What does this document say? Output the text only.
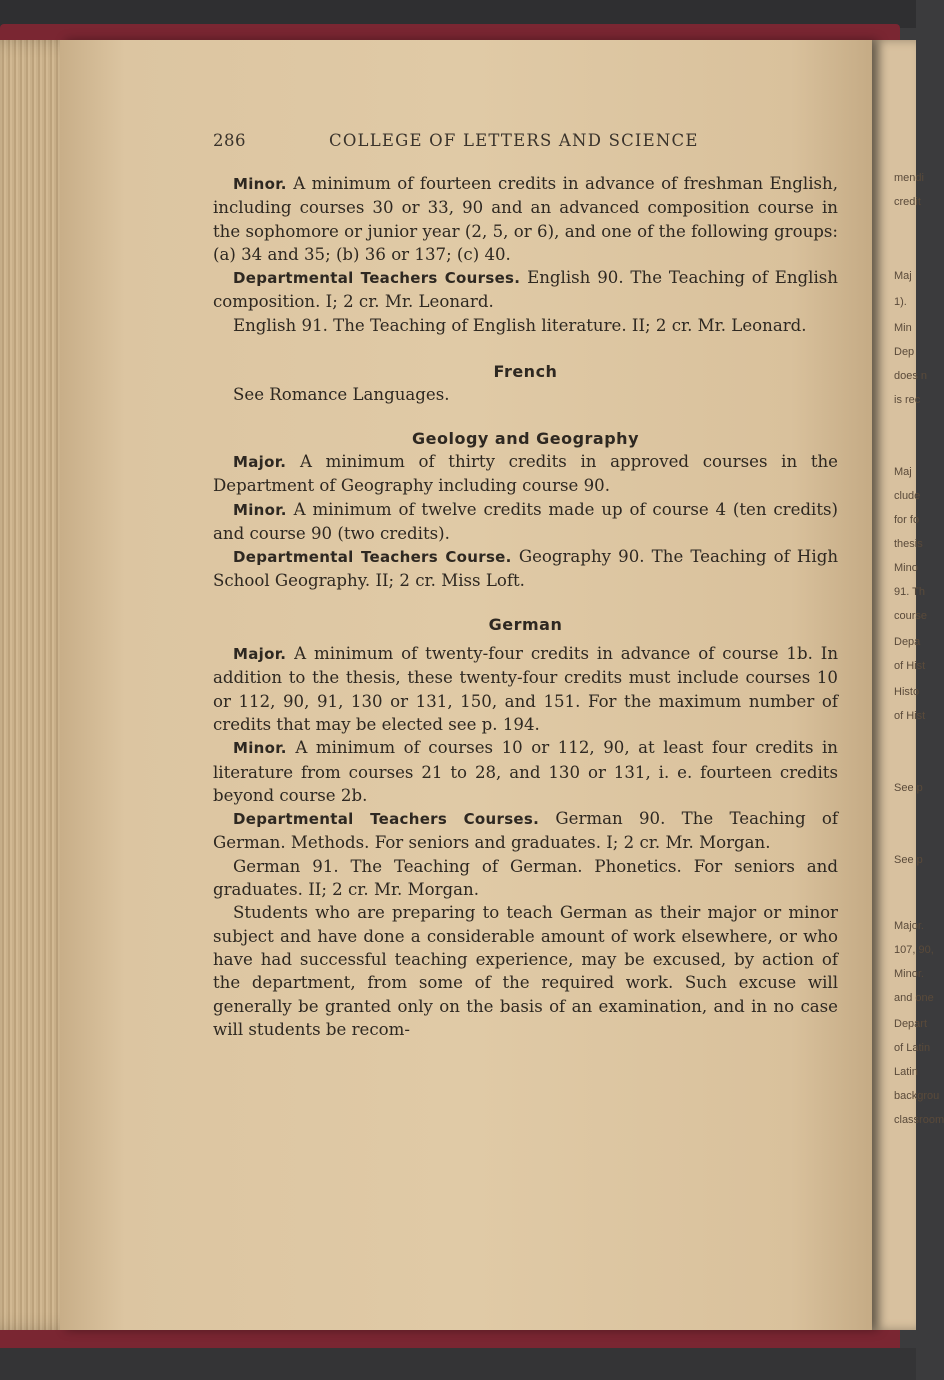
mendi
credit
Maj
1).
Min
Dep
does n
is rec
Maj
clude
for fo
thesis
Mino
91. Th
course
Depa
of Hist
Histo
of Hist
See p
See p
Major.
107, 90,
Minor.
and one
Depart
of Latin
Latin
backgrou
classroom
286	COLLEGE OF LETTERS AND SCIENCE

Minor. A minimum of fourteen credits in advance of freshman English, including courses 30 or 33, 90 and an advanced composition course in the sophomore or junior year (2, 5, or 6), and one of the following groups: (a) 34 and 35; (b) 36 or 137; (c) 40.

Departmental Teachers Courses. English 90. The Teaching of English composition. I; 2 cr. Mr. Leonard.

English 91. The Teaching of English literature. II; 2 cr. Mr. Leonard.

French

See Romance Languages.

Geology and Geography

Major. A minimum of thirty credits in approved courses in the Department of Geography including course 90.

Minor. A minimum of twelve credits made up of course 4 (ten credits) and course 90 (two credits).

Departmental Teachers Course. Geography 90. The Teaching of High School Geography. II; 2 cr. Miss Loft.

German

Major. A minimum of twenty-four credits in advance of course 1b. In addition to the thesis, these twenty-four credits must include courses 10 or 112, 90, 91, 130 or 131, 150, and 151. For the maximum number of credits that may be elected see p. 194.

Minor. A minimum of courses 10 or 112, 90, at least four credits in literature from courses 21 to 28, and 130 or 131, i. e. fourteen credits beyond course 2b.

Departmental Teachers Courses. German 90. The Teaching of German. Methods. For seniors and graduates. I; 2 cr. Mr. Morgan.

German 91. The Teaching of German. Phonetics. For seniors and graduates. II; 2 cr. Mr. Morgan.

Students who are preparing to teach German as their major or minor subject and have done a considerable amount of work elsewhere, or who have had successful teaching experience, may be excused, by action of the department, from some of the required work. Such excuse will generally be granted only on the basis of an examination, and in no case will students be recom-
